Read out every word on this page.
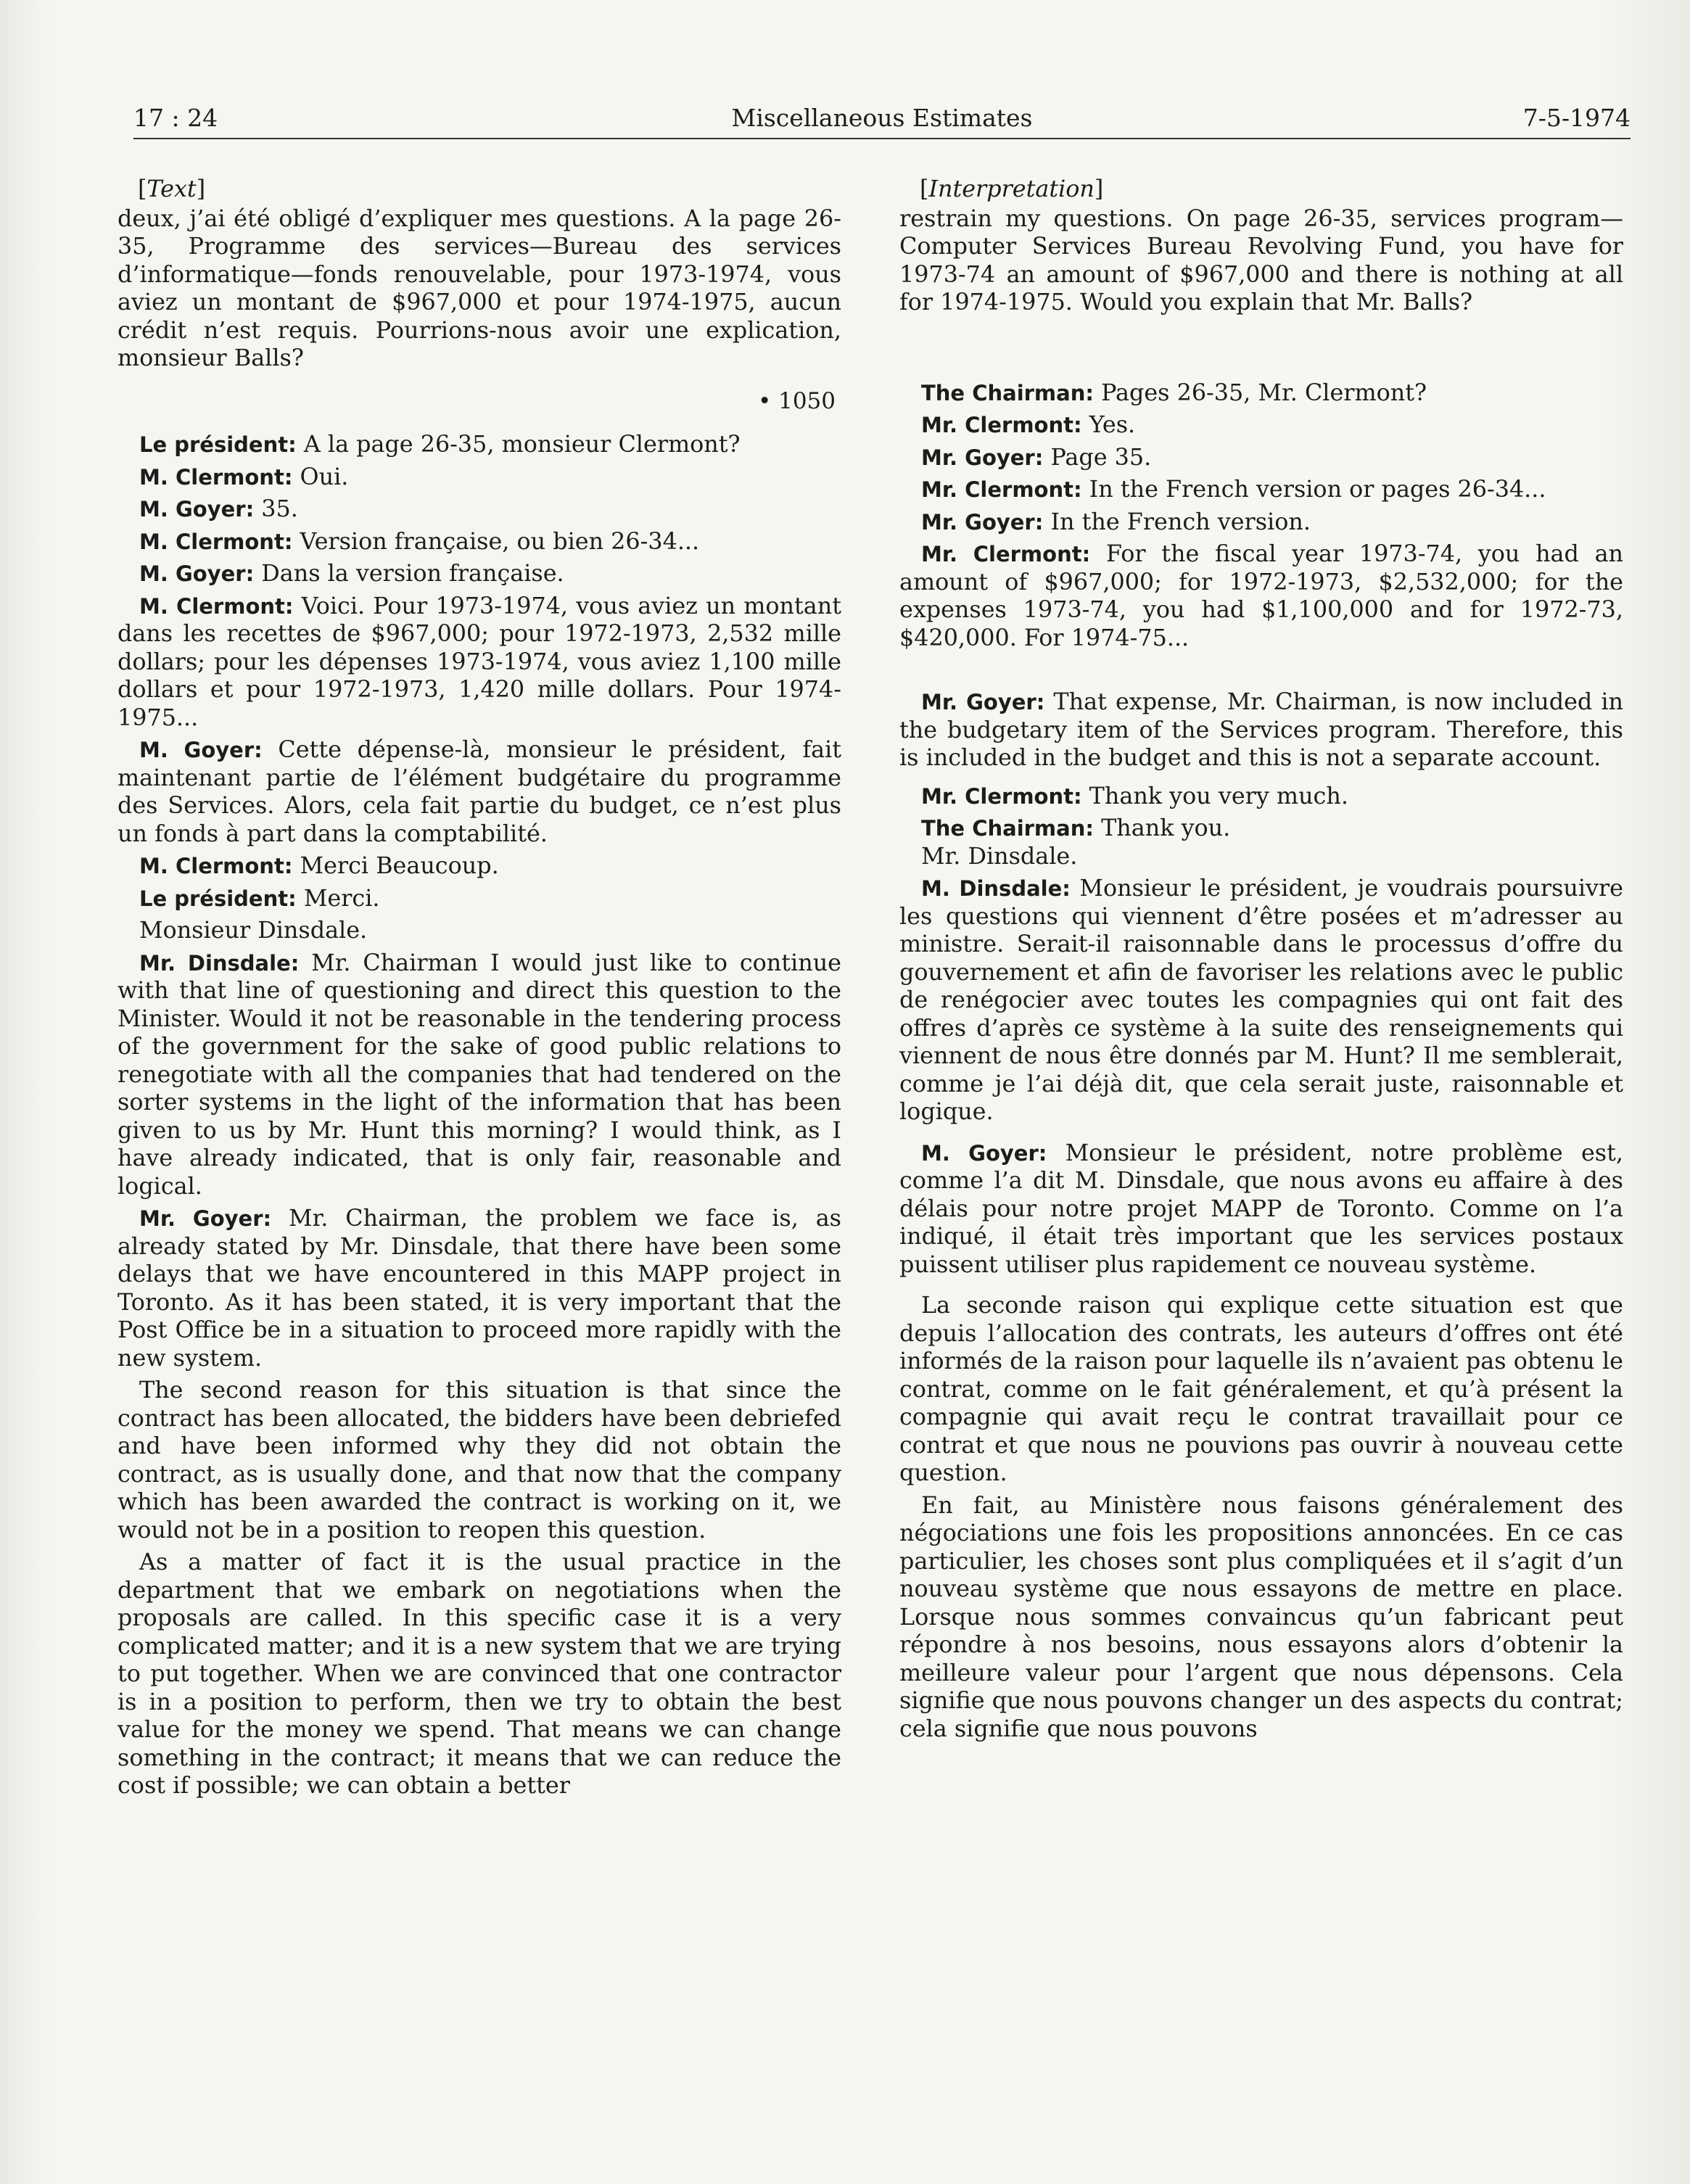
17 : 24	Miscellaneous Estimates	7-5-1974

[Text]

deux, j’ai été obligé d’expliquer mes questions. A la page 26-35, Programme des services—Bureau des services d’informatique—fonds renouvelable, pour 1973-1974, vous aviez un montant de $967,000 et pour 1974-1975, aucun crédit n’est requis. Pourrions-nous avoir une explication, monsieur Balls?

• 1050

Le président: A la page 26-35, monsieur Clermont?

M. Clermont: Oui.

M. Goyer: 35.

M. Clermont: Version française, ou bien 26-34...

M. Goyer: Dans la version française.

M. Clermont: Voici. Pour 1973-1974, vous aviez un montant dans les recettes de $967,000; pour 1972-1973, 2,532 mille dollars; pour les dépenses 1973-1974, vous aviez 1,100 mille dollars et pour 1972-1973, 1,420 mille dollars. Pour 1974-1975...

M. Goyer: Cette dépense-là, monsieur le président, fait maintenant partie de l’élément budgétaire du programme des Services. Alors, cela fait partie du budget, ce n’est plus un fonds à part dans la comptabilité.

M. Clermont: Merci Beaucoup.

Le président: Merci.

Monsieur Dinsdale.

Mr. Dinsdale: Mr. Chairman I would just like to continue with that line of questioning and direct this question to the Minister. Would it not be reasonable in the tendering process of the government for the sake of good public relations to renegotiate with all the companies that had tendered on the sorter systems in the light of the information that has been given to us by Mr. Hunt this morning? I would think, as I have already indicated, that is only fair, reasonable and logical.

Mr. Goyer: Mr. Chairman, the problem we face is, as already stated by Mr. Dinsdale, that there have been some delays that we have encountered in this MAPP project in Toronto. As it has been stated, it is very important that the Post Office be in a situation to proceed more rapidly with the new system.

The second reason for this situation is that since the contract has been allocated, the bidders have been debriefed and have been informed why they did not obtain the contract, as is usually done, and that now that the company which has been awarded the contract is working on it, we would not be in a position to reopen this question.

As a matter of fact it is the usual practice in the department that we embark on negotiations when the proposals are called. In this specific case it is a very complicated matter; and it is a new system that we are trying to put together. When we are convinced that one contractor is in a position to perform, then we try to obtain the best value for the money we spend. That means we can change something in the contract; it means that we can reduce the cost if possible; we can obtain a better

[Interpretation]

restrain my questions. On page 26-35, services program—Computer Services Bureau Revolving Fund, you have for 1973-74 an amount of $967,000 and there is nothing at all for 1974-1975. Would you explain that Mr. Balls?

The Chairman: Pages 26-35, Mr. Clermont?

Mr. Clermont: Yes.

Mr. Goyer: Page 35.

Mr. Clermont: In the French version or pages 26-34...

Mr. Goyer: In the French version.

Mr. Clermont: For the fiscal year 1973-74, you had an amount of $967,000; for 1972-1973, $2,532,000; for the expenses 1973-74, you had $1,100,000 and for 1972-73, $420,000. For 1974-75...

Mr. Goyer: That expense, Mr. Chairman, is now included in the budgetary item of the Services program. Therefore, this is included in the budget and this is not a separate account.

Mr. Clermont: Thank you very much.

The Chairman: Thank you.

Mr. Dinsdale.

M. Dinsdale: Monsieur le président, je voudrais poursuivre les questions qui viennent d’être posées et m’adresser au ministre. Serait-il raisonnable dans le processus d’offre du gouvernement et afin de favoriser les relations avec le public de renégocier avec toutes les compagnies qui ont fait des offres d’après ce système à la suite des renseignements qui viennent de nous être donnés par M. Hunt? Il me semblerait, comme je l’ai déjà dit, que cela serait juste, raisonnable et logique.

M. Goyer: Monsieur le président, notre problème est, comme l’a dit M. Dinsdale, que nous avons eu affaire à des délais pour notre projet MAPP de Toronto. Comme on l’a indiqué, il était très important que les services postaux puissent utiliser plus rapidement ce nouveau système.

La seconde raison qui explique cette situation est que depuis l’allocation des contrats, les auteurs d’offres ont été informés de la raison pour laquelle ils n’avaient pas obtenu le contrat, comme on le fait généralement, et qu’à présent la compagnie qui avait reçu le contrat travaillait pour ce contrat et que nous ne pouvions pas ouvrir à nouveau cette question.

En fait, au Ministère nous faisons généralement des négociations une fois les propositions annoncées. En ce cas particulier, les choses sont plus compliquées et il s’agit d’un nouveau système que nous essayons de mettre en place. Lorsque nous sommes convaincus qu’un fabricant peut répondre à nos besoins, nous essayons alors d’obtenir la meilleure valeur pour l’argent que nous dépensons. Cela signifie que nous pouvons changer un des aspects du contrat; cela signifie que nous pouvons
